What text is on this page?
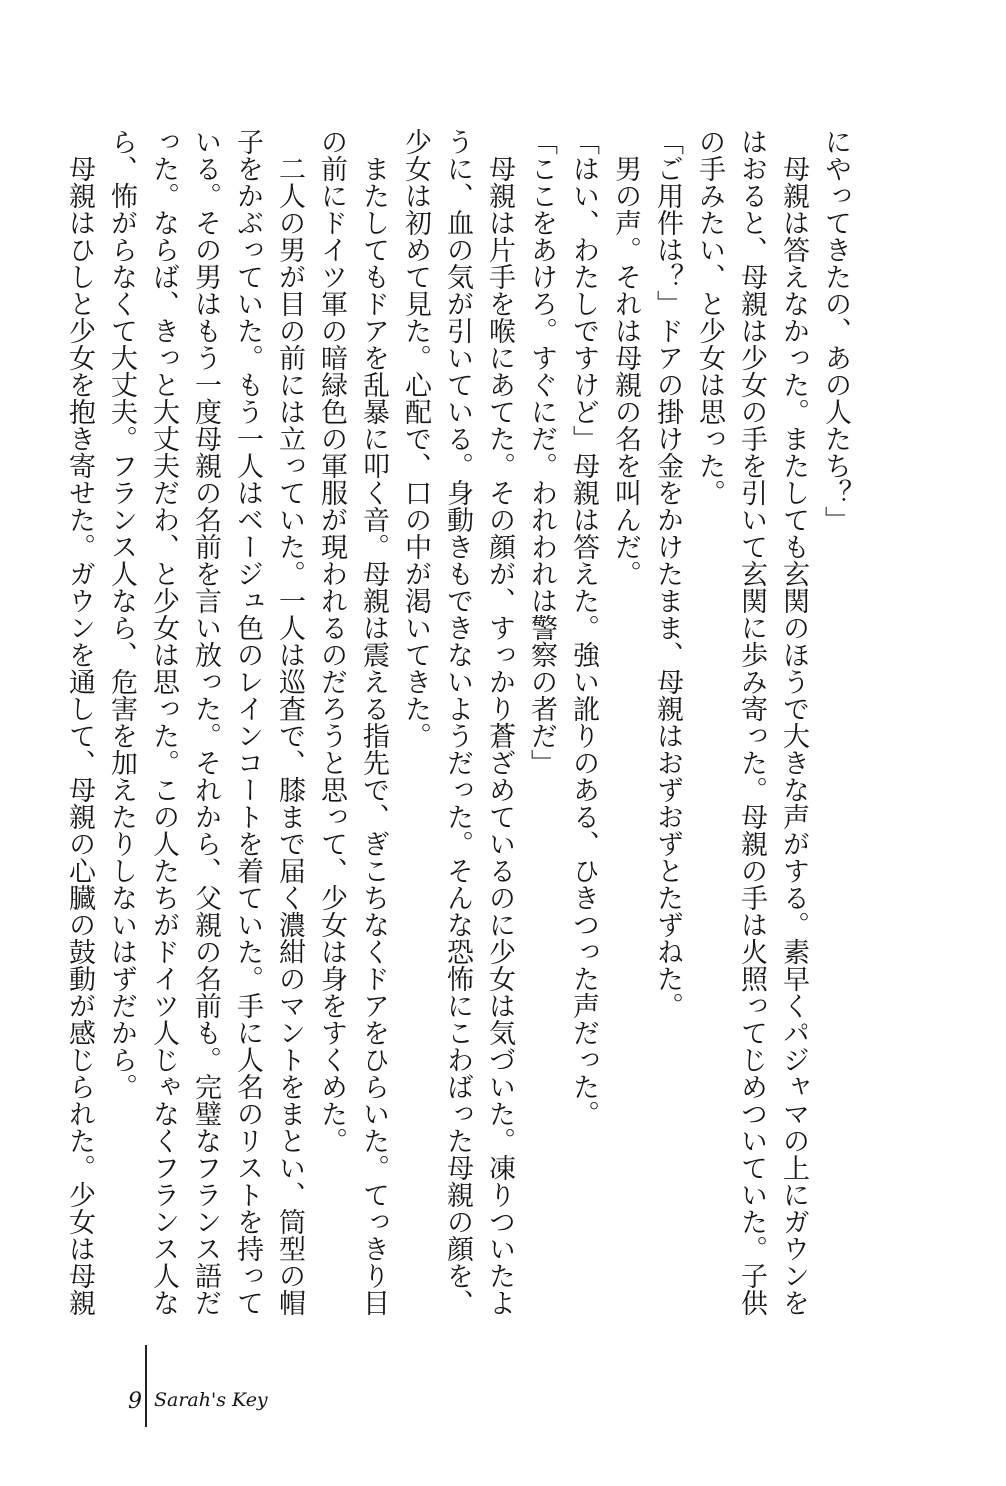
にやってきたの、あの人たち？」

　母親は答えなかった。またしても玄関のほうで大きな声がする。素早くパジャマの上にガウンを

はおると、母親は少女の手を引いて玄関に歩み寄った。母親の手は火照ってじめついていた。子供

の手みたい、と少女は思った。

「ご用件は？」ドアの掛け金をかけたまま、母親はおずおずとたずねた。

　男の声。それは母親の名を叫んだ。

「はい、わたしですけど」母親は答えた。強い訛りのある、ひきつった声だった。

「ここをあけろ。すぐにだ。われわれは警察の者だ」

　母親は片手を喉にあてた。その顔が、すっかり蒼ざめているのに少女は気づいた。凍りついたよ

うに、血の気が引いている。身動きもできないようだった。そんな恐怖にこわばった母親の顔を、

少女は初めて見た。心配で、口の中が渇いてきた。

　またしてもドアを乱暴に叩く音。母親は震える指先で、ぎこちなくドアをひらいた。てっきり目

の前にドイツ軍の暗緑色の軍服が現われるのだろうと思って、少女は身をすくめた。

　二人の男が目の前には立っていた。一人は巡査で、膝まで届く濃紺のマントをまとい、筒型の帽

子をかぶっていた。もう一人はベージュ色のレインコートを着ていた。手に人名のリストを持って

いる。その男はもう一度母親の名前を言い放った。それから、父親の名前も。完璧なフランス語だ

った。ならば、きっと大丈夫だわ、と少女は思った。この人たちがドイツ人じゃなくフランス人な

ら、怖がらなくて大丈夫。フランス人なら、危害を加えたりしないはずだから。

　母親はひしと少女を抱き寄せた。ガウンを通して、母親の心臓の鼓動が感じられた。少女は母親

9 Sarah's Key
